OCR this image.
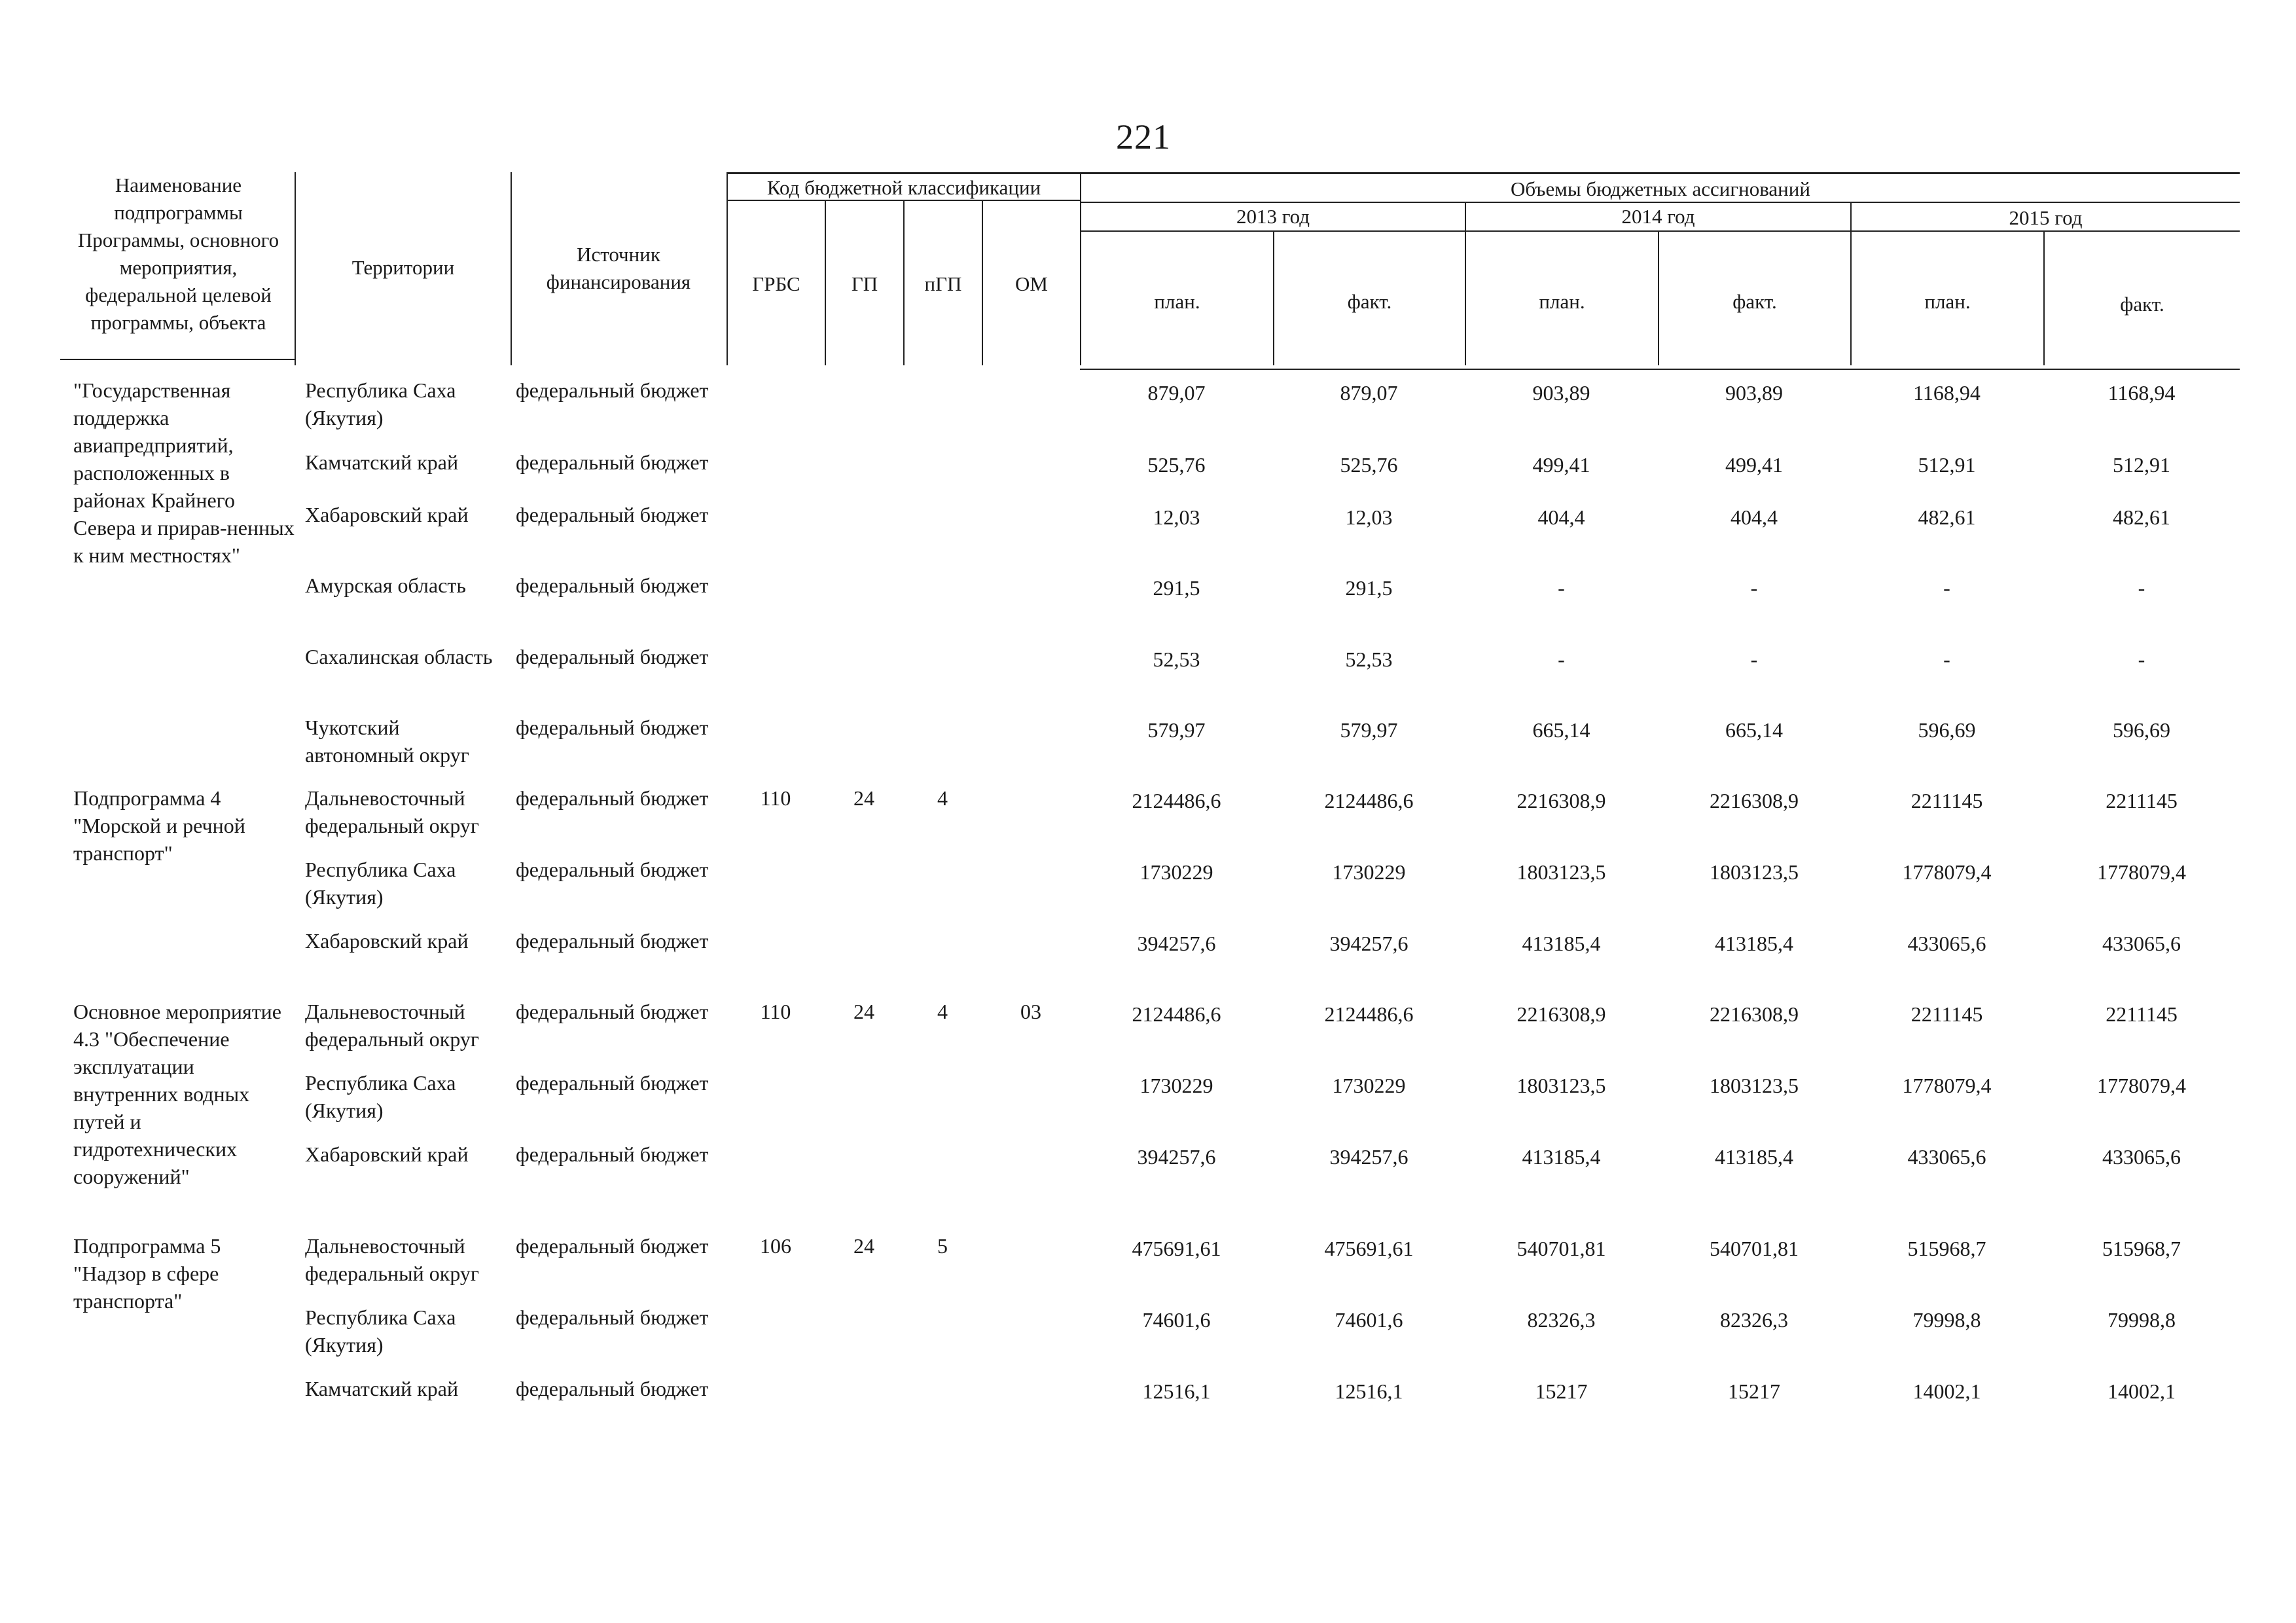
221
Наименование подпрограммы Программы, основного мероприятия, федеральной целевой программы, объекта
Территории
Источник финансирования
Код бюджетной классификации
ГРБС	ГП	пГП	ОМ
Объемы бюджетных ассигнований
2013 год	2014 год	2015 год
план.	факт.	план.	факт.	план.	факт.
"Государственная поддержка авиапредприятий, расположенных в районах Крайнего Севера и прирав-ненных к ним местностях"	Республика Саха (Якутия)	федеральный бюджет					879,07	879,07	903,89	903,89	1168,94	1168,94
	Камчатский край	федеральный бюджет					525,76	525,76	499,41	499,41	512,91	512,91
	Хабаровский край	федеральный бюджет					12,03	12,03	404,4	404,4	482,61	482,61
	Амурская область	федеральный бюджет					291,5	291,5	-	-	-	-
	Сахалинская область	федеральный бюджет					52,53	52,53	-	-	-	-
	Чукотский автономный округ	федеральный бюджет					579,97	579,97	665,14	665,14	596,69	596,69
Подпрограмма 4 "Морской и речной транспорт"	Дальневосточный федеральный округ	федеральный бюджет	110	24	4		2124486,6	2124486,6	2216308,9	2216308,9	2211145	2211145
	Республика Саха (Якутия)	федеральный бюджет					1730229	1730229	1803123,5	1803123,5	1778079,4	1778079,4
	Хабаровский край	федеральный бюджет					394257,6	394257,6	413185,4	413185,4	433065,6	433065,6
Основное мероприятие 4.3 "Обеспечение эксплуатации внутренних водных путей и гидротехнических сооружений"	Дальневосточный федеральный округ	федеральный бюджет	110	24	4	03	2124486,6	2124486,6	2216308,9	2216308,9	2211145	2211145
	Республика Саха (Якутия)	федеральный бюджет					1730229	1730229	1803123,5	1803123,5	1778079,4	1778079,4
	Хабаровский край	федеральный бюджет					394257,6	394257,6	413185,4	413185,4	433065,6	433065,6
Подпрограмма 5 "Надзор в сфере транспорта"	Дальневосточный федеральный округ	федеральный бюджет	106	24	5		475691,61	475691,61	540701,81	540701,81	515968,7	515968,7
	Республика Саха (Якутия)	федеральный бюджет					74601,6	74601,6	82326,3	82326,3	79998,8	79998,8
	Камчатский край	федеральный бюджет					12516,1	12516,1	15217	15217	14002,1	14002,1
